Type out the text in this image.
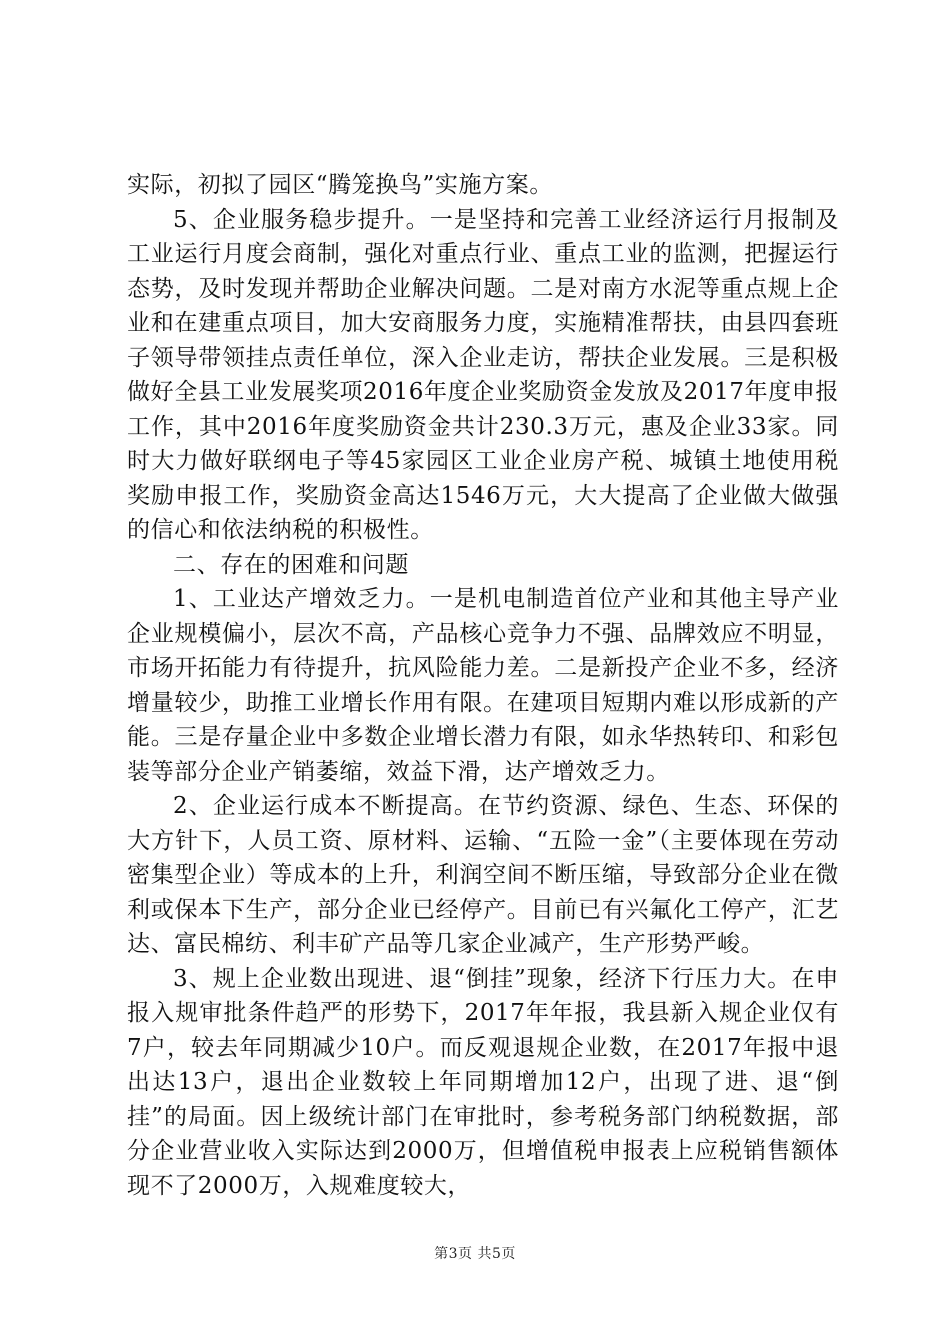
实际，初拟了园区“腾笼换鸟”实施方案。

5、企业服务稳步提升。一是坚持和完善工业经济运行月报制及工业运行月度会商制，强化对重点行业、重点工业的监测，把握运行态势，及时发现并帮助企业解决问题。二是对南方水泥等重点规上企业和在建重点项目，加大安商服务力度，实施精准帮扶，由县四套班子领导带领挂点责任单位，深入企业走访，帮扶企业发展。三是积极做好全县工业发展奖项2016年度企业奖励资金发放及2017年度申报工作，其中2016年度奖励资金共计230.3万元，惠及企业33家。同时大力做好联纲电子等45家园区工业企业房产税、城镇土地使用税奖励申报工作，奖励资金高达1546万元，大大提高了企业做大做强的信心和依法纳税的积极性。

二、存在的困难和问题

1、工业达产增效乏力。一是机电制造首位产业和其他主导产业企业规模偏小，层次不高，产品核心竞争力不强、品牌效应不明显，市场开拓能力有待提升，抗风险能力差。二是新投产企业不多，经济增量较少，助推工业增长作用有限。在建项目短期内难以形成新的产能。三是存量企业中多数企业增长潜力有限，如永华热转印、和彩包装等部分企业产销萎缩，效益下滑，达产增效乏力。

2、企业运行成本不断提高。在节约资源、绿色、生态、环保的大方针下，人员工资、原材料、运输、“五险一金”（主要体现在劳动密集型企业）等成本的上升，利润空间不断压缩，导致部分企业在微利或保本下生产，部分企业已经停产。目前已有兴氟化工停产，汇艺达、富民棉纺、利丰矿产品等几家企业减产，生产形势严峻。

3、规上企业数出现进、退“倒挂”现象，经济下行压力大。在申报入规审批条件趋严的形势下，2017年年报，我县新入规企业仅有7户，较去年同期减少10户。而反观退规企业数，在2017年报中退出达13户，退出企业数较上年同期增加12户，出现了进、退“倒挂”的局面。因上级统计部门在审批时，参考税务部门纳税数据，部分企业营业收入实际达到2000万，但增值税申报表上应税销售额体现不了2000万，入规难度较大，

第3页 共5页
